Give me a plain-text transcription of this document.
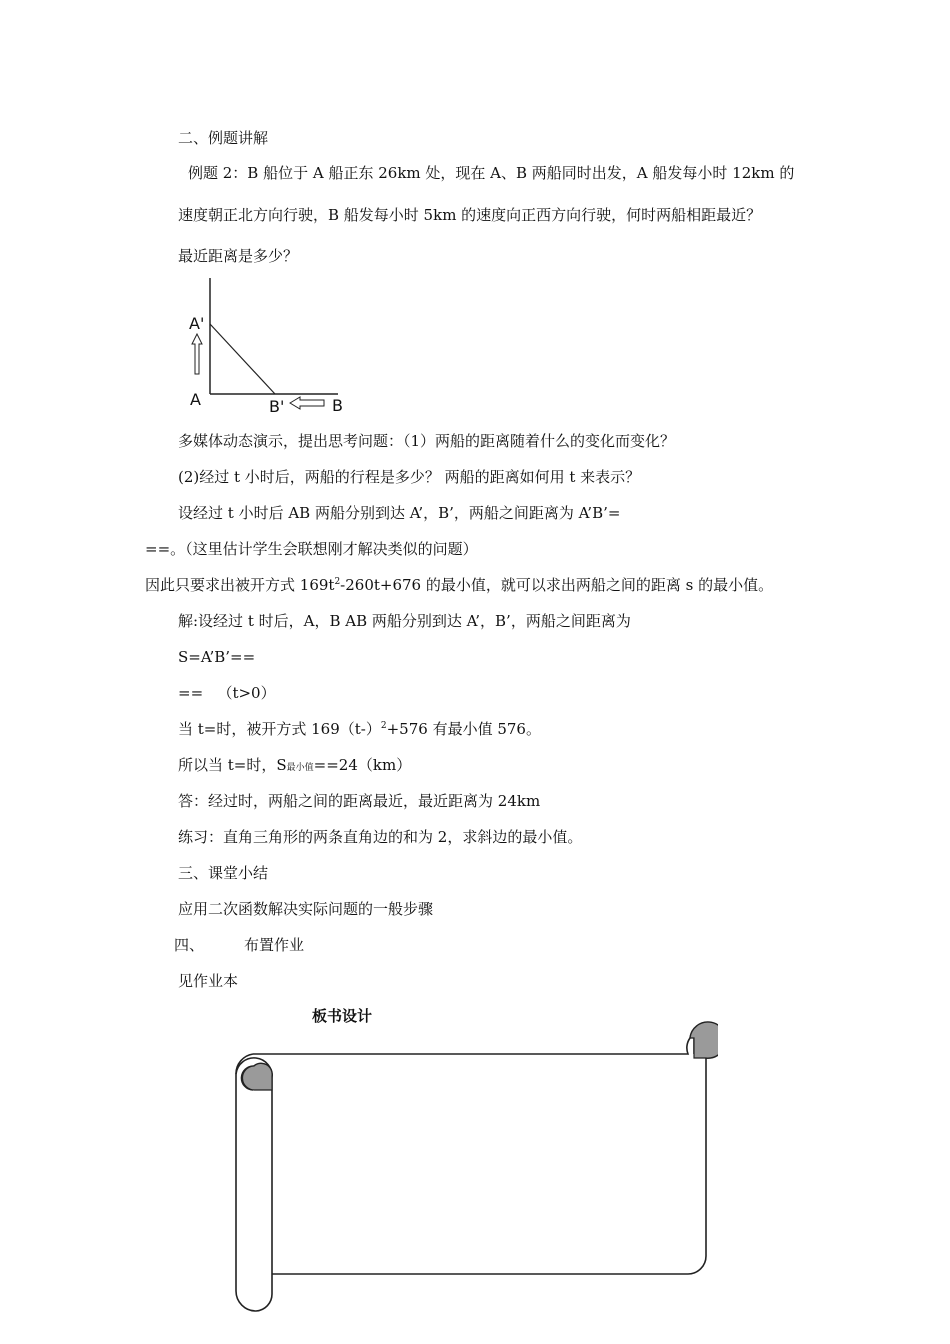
二、例题讲解
例题 2：B 船位于 A 船正东 26km 处，现在 A、B 两船同时出发，A 船发每小时 12km 的
速度朝正北方向行驶，B 船发每小时 5km 的速度向正西方向行驶，何时两船相距最近？
最近距离是多少？
A'
A	B'	B
多媒体动态演示，提出思考问题：（1）两船的距离随着什么的变化而变化？
(2)经过 t 小时后，两船的行程是多少？ 两船的距离如何用 t 来表示？
设经过 t 小时后 AB 两船分别到达 A’，B’，两船之间距离为 A’B’=
==。（这里估计学生会联想刚才解决类似的问题）
因此只要求出被开方式 $169t^2-260t+676$ 的最小值，就可以求出两船之间的距离 s 的最小值。
解:设经过 t 时后，A，B AB 两船分别到达 A’，B’，两船之间距离为
S=A’B’==
==   （t>0）
当 t=时，被开方式 $169(t-)^2+576$ 有最小值 576。
所以当 t=时，S最小值==24（km）
答：经过时，两船之间的距离最近，最近距离为 24km
练习：直角三角形的两条直角边的和为 2，求斜边的最小值。
三、课堂小结
应用二次函数解决实际问题的一般步骤
四、	布置作业
见作业本
板书设计
